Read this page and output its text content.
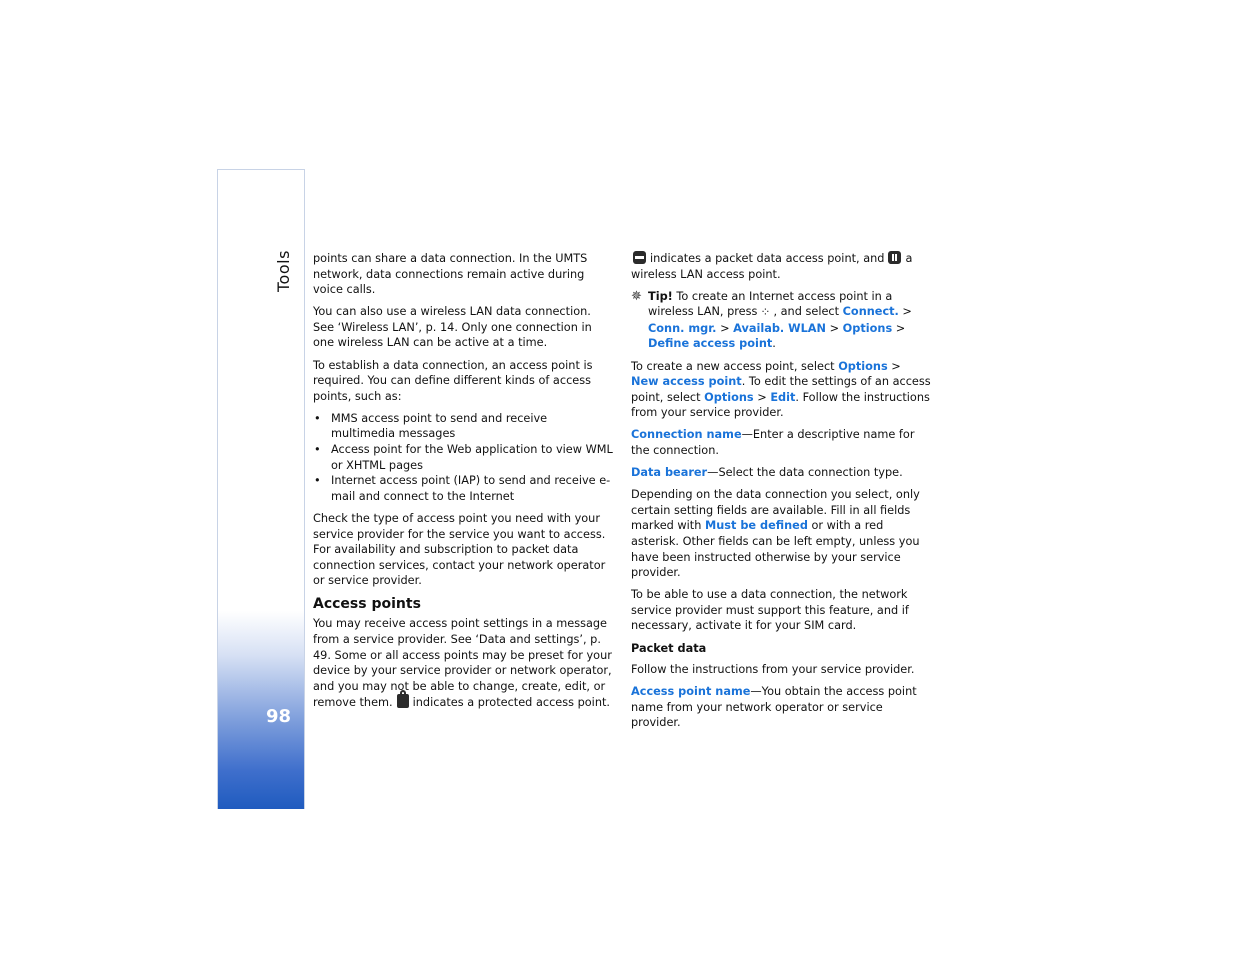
Tools
98

points can share a data connection. In the UMTS network, data connections remain active during voice calls.

You can also use a wireless LAN data connection. See ‘Wireless LAN’, p. 14. Only one connection in one wireless LAN can be active at a time.

To establish a data connection, an access point is required. You can define different kinds of access points, such as:

• MMS access point to send and receive multimedia messages
• Access point for the Web application to view WML or XHTML pages
• Internet access point (IAP) to send and receive e-mail and connect to the Internet

Check the type of access point you need with your service provider for the service you want to access. For availability and subscription to packet data connection services, contact your network operator or service provider.

Access points

You may receive access point settings in a message from a service provider. See ‘Data and settings’, p. 49. Some or all access points may be preset for your device by your service provider or network operator, and you may not be able to change, create, edit, or remove them. indicates a protected access point.

indicates a packet data access point, and a wireless LAN access point.

✵ Tip! To create an Internet access point in a wireless LAN, press ⁘ , and select Connect. > Conn. mgr. > Availab. WLAN > Options > Define access point.

To create a new access point, select Options > New access point. To edit the settings of an access point, select Options > Edit. Follow the instructions from your service provider.

Connection name—Enter a descriptive name for the connection.

Data bearer—Select the data connection type.

Depending on the data connection you select, only certain setting fields are available. Fill in all fields marked with Must be defined or with a red asterisk. Other fields can be left empty, unless you have been instructed otherwise by your service provider.

To be able to use a data connection, the network service provider must support this feature, and if necessary, activate it for your SIM card.

Packet data

Follow the instructions from your service provider.

Access point name—You obtain the access point name from your network operator or service provider.
